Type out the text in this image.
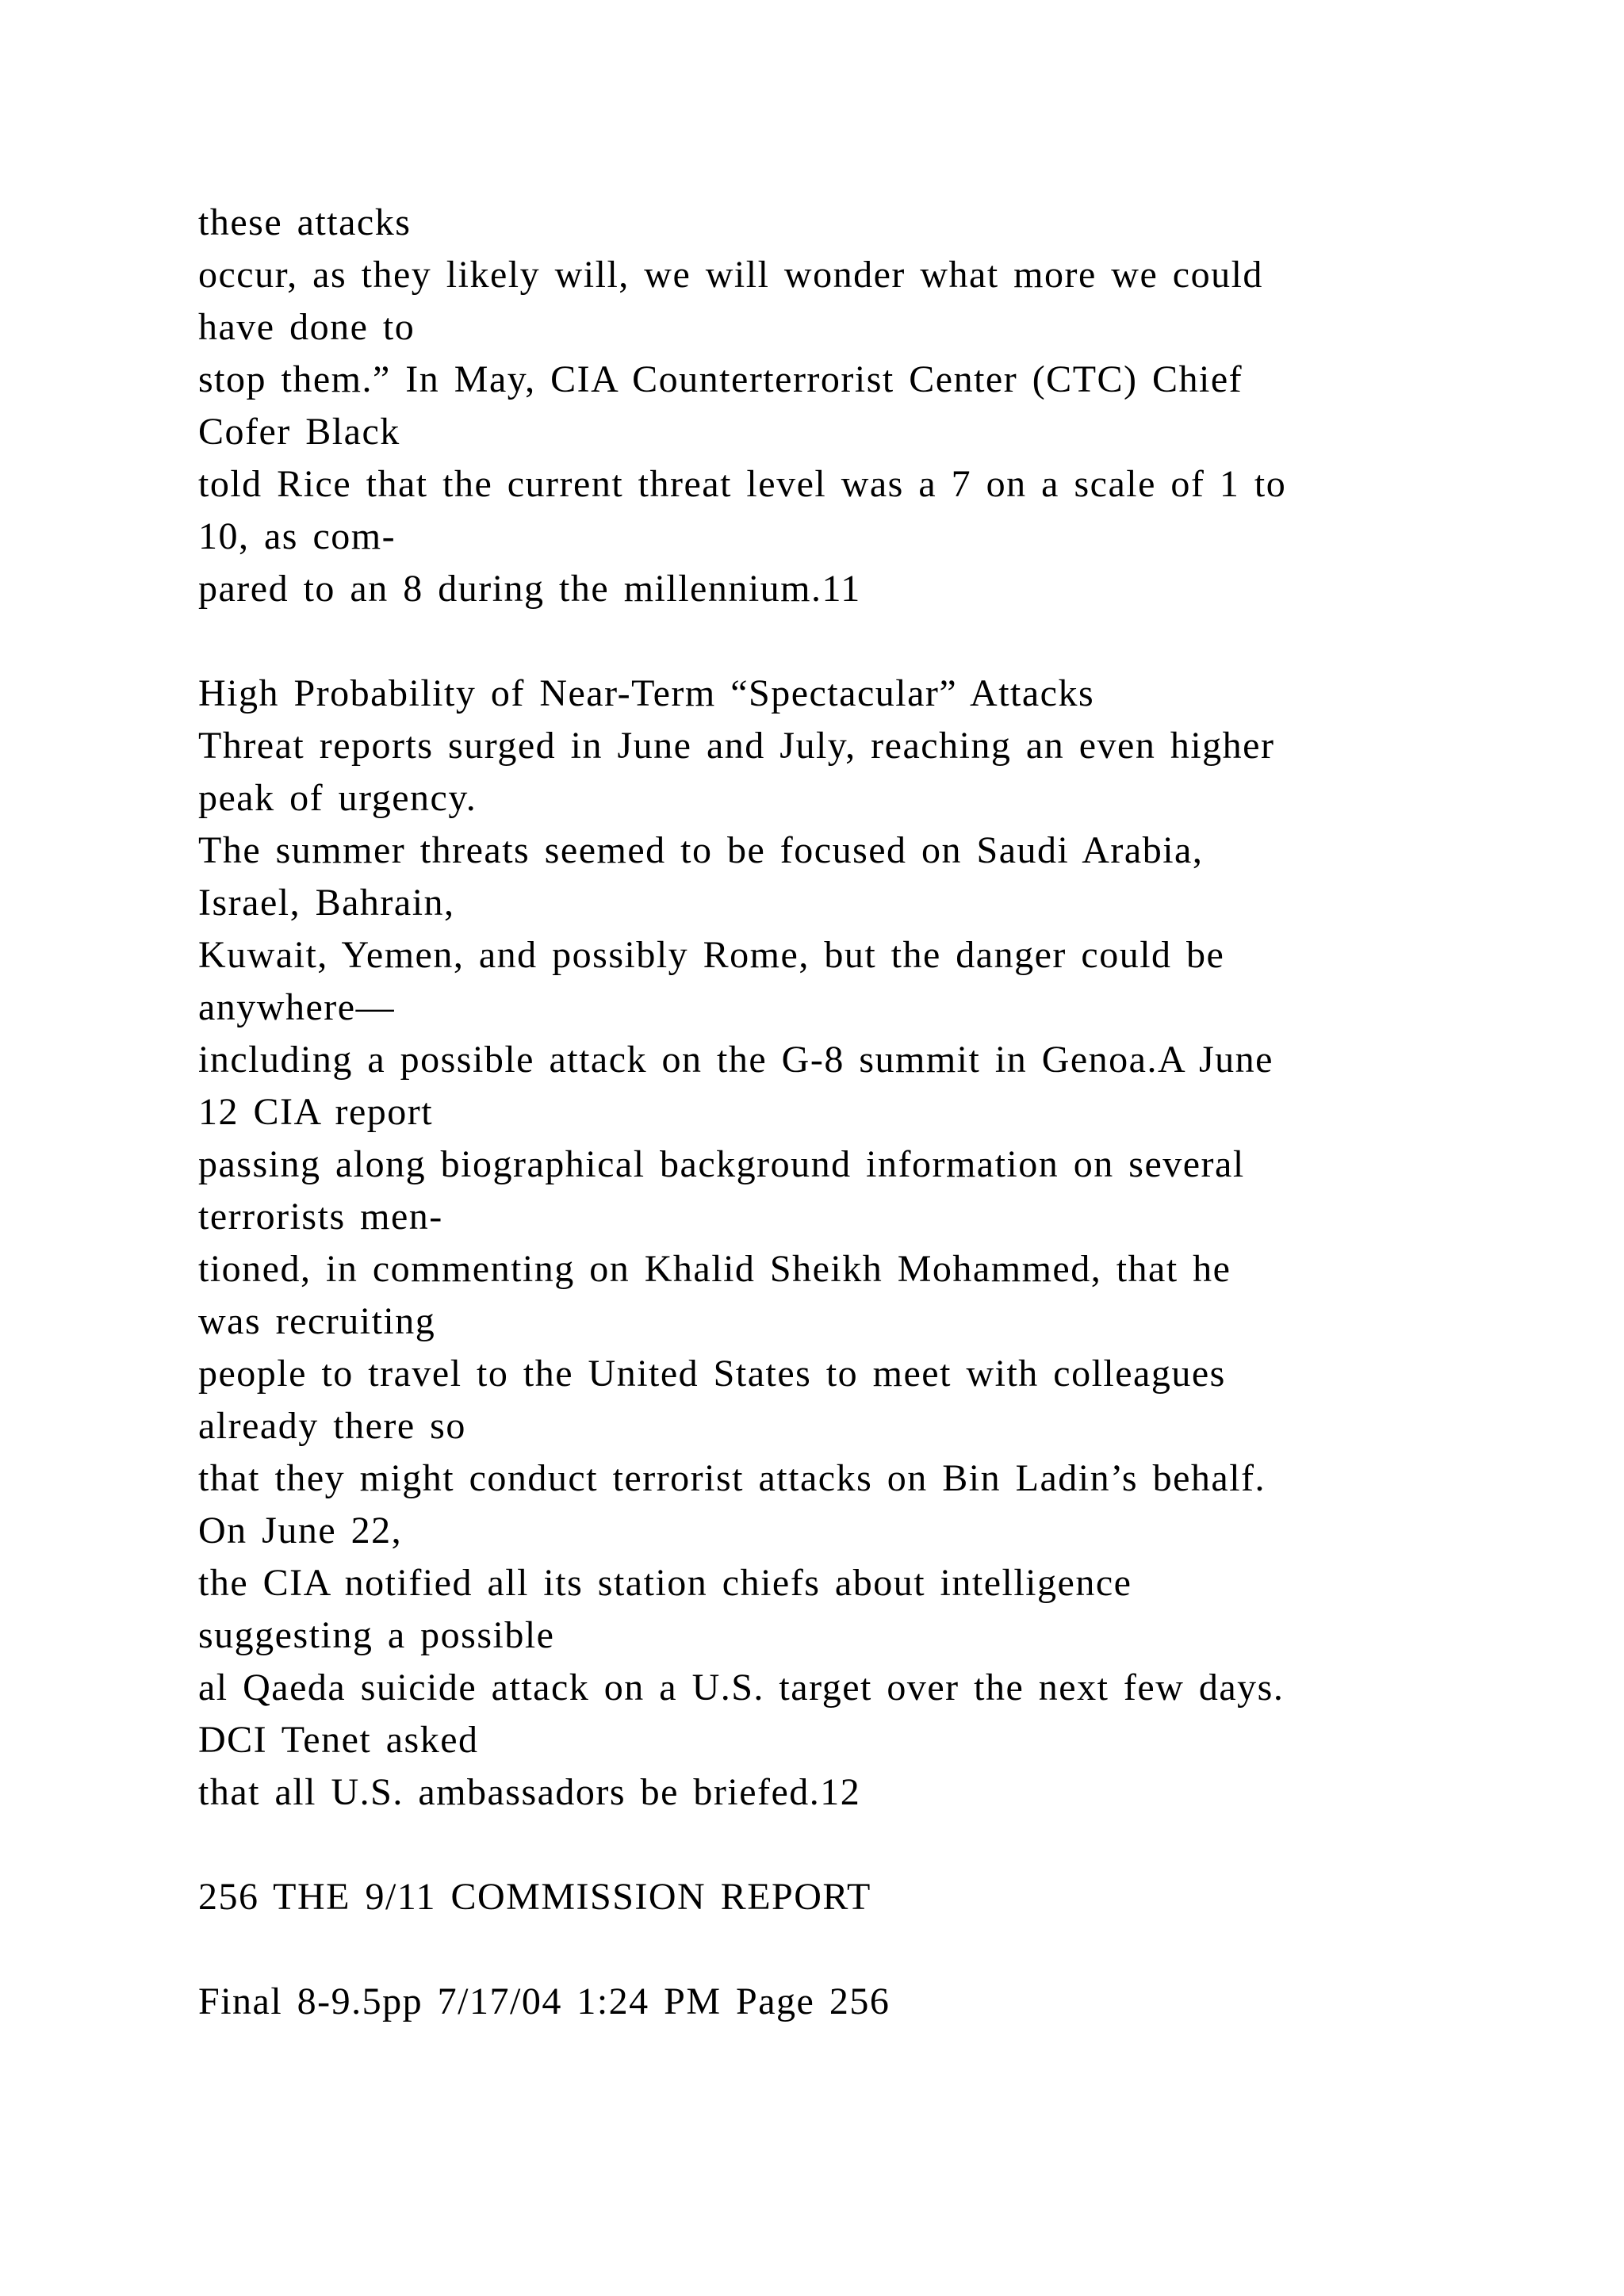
these attacks
occur, as they likely will, we will wonder what more we could
have done to
stop them.” In May, CIA Counterterrorist Center (CTC) Chief
Cofer Black
told Rice that the current threat level was a 7 on a scale of 1 to
10, as com-
pared to an 8 during the millennium.11
High Probability of Near-Term “Spectacular” Attacks
Threat reports surged in June and July, reaching an even higher
peak of urgency.
The summer threats seemed to be focused on Saudi Arabia,
Israel, Bahrain,
Kuwait, Yemen, and possibly Rome, but the danger could be
anywhere—
including a possible attack on the G-8 summit in Genoa.A June
12 CIA report
passing along biographical background information on several
terrorists men-
tioned, in commenting on Khalid Sheikh Mohammed, that he
was recruiting
people to travel to the United States to meet with colleagues
already there so
that they might conduct terrorist attacks on Bin Ladin’s behalf.
On June 22,
the CIA notified all its station chiefs about intelligence
suggesting a possible
al Qaeda suicide attack on a U.S. target over the next few days.
DCI Tenet asked
that all U.S. ambassadors be briefed.12
256 THE 9/11 COMMISSION REPORT
Final 8-9.5pp 7/17/04 1:24 PM Page 256
